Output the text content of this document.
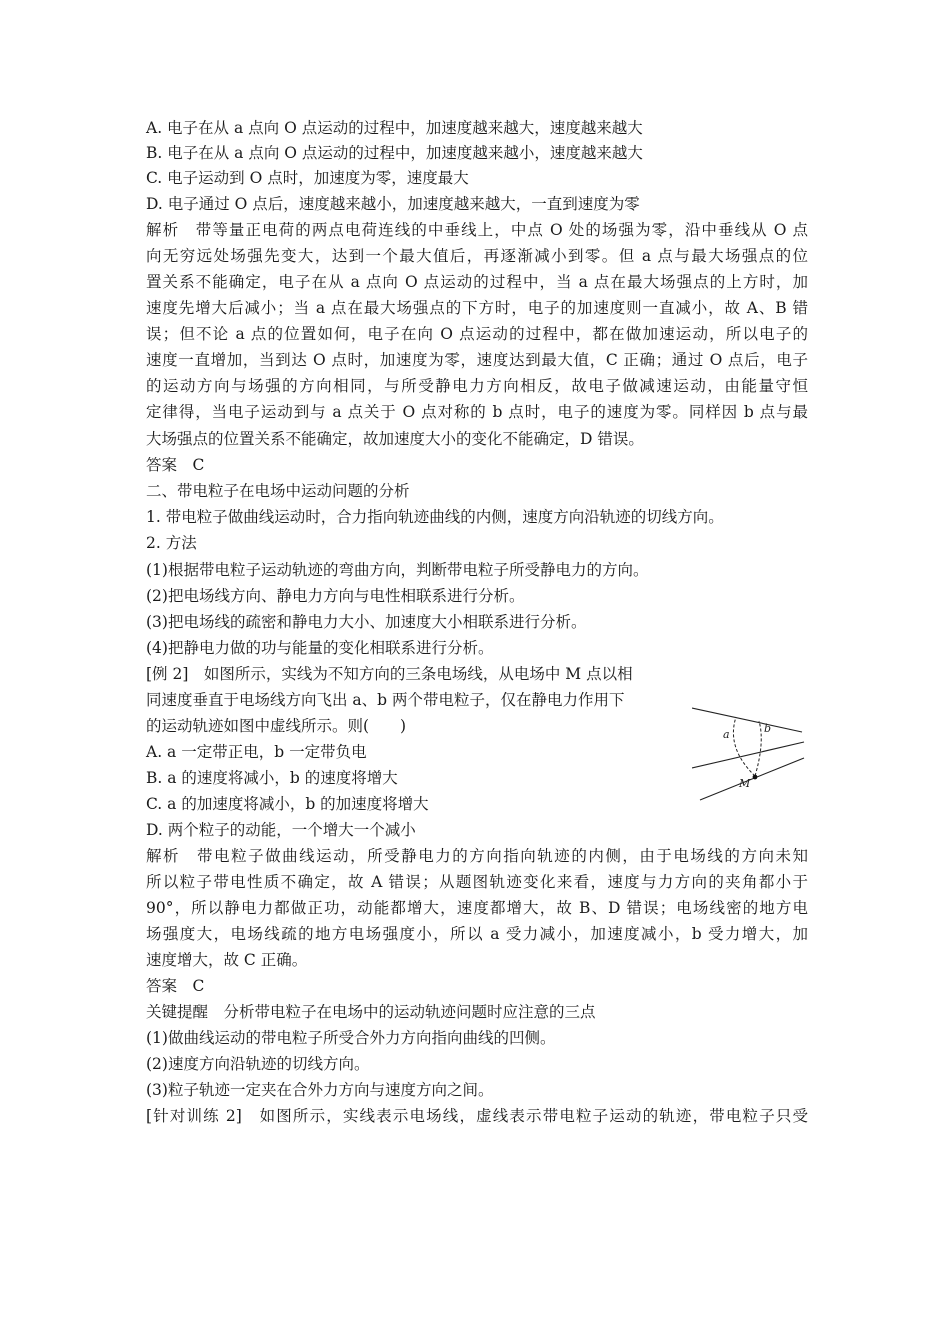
A. 电子在从 a 点向 O 点运动的过程中，加速度越来越大，速度越来越大
B. 电子在从 a 点向 O 点运动的过程中，加速度越来越小，速度越来越大
C. 电子运动到 O 点时，加速度为零，速度最大
D. 电子通过 O 点后，速度越来越小，加速度越来越大，一直到速度为零
解析　带等量正电荷的两点电荷连线的中垂线上，中点 O 处的场强为零，沿中垂线从 O 点
向无穷远处场强先变大，达到一个最大值后，再逐渐减小到零。但 a 点与最大场强点的位
置关系不能确定，电子在从 a 点向 O 点运动的过程中，当 a 点在最大场强点的上方时，加
速度先增大后减小；当 a 点在最大场强点的下方时，电子的加速度则一直减小，故 A、B 错
误；但不论 a 点的位置如何，电子在向 O 点运动的过程中，都在做加速运动，所以电子的
速度一直增加，当到达 O 点时，加速度为零，速度达到最大值，C 正确；通过 O 点后，电子
的运动方向与场强的方向相同，与所受静电力方向相反，故电子做减速运动，由能量守恒
定律得，当电子运动到与 a 点关于 O 点对称的 b 点时，电子的速度为零。同样因 b 点与最
大场强点的位置关系不能确定，故加速度大小的变化不能确定，D 错误。
答案　C
二、带电粒子在电场中运动问题的分析
1. 带电粒子做曲线运动时，合力指向轨迹曲线的内侧，速度方向沿轨迹的切线方向。
2. 方法
(1)根据带电粒子运动轨迹的弯曲方向，判断带电粒子所受静电力的方向。
(2)把电场线方向、静电力方向与电性相联系进行分析。
(3)把电场线的疏密和静电力大小、加速度大小相联系进行分析。
(4)把静电力做的功与能量的变化相联系进行分析。
[例 2]　如图所示，实线为不知方向的三条电场线，从电场中 M 点以相
同速度垂直于电场线方向飞出 a、b 两个带电粒子，仅在静电力作用下
的运动轨迹如图中虚线所示。则(　　)
A. a 一定带正电，b 一定带负电
B. a 的速度将减小，b 的速度将增大
C. a 的加速度将减小，b 的加速度将增大
D. 两个粒子的动能，一个增大一个减小
解析　带电粒子做曲线运动，所受静电力的方向指向轨迹的内侧，由于电场线的方向未知
所以粒子带电性质不确定，故 A 错误；从题图轨迹变化来看，速度与力方向的夹角都小于
90°，所以静电力都做正功，动能都增大，速度都增大，故 B、D 错误；电场线密的地方电
场强度大，电场线疏的地方电场强度小，所以 a 受力减小，加速度减小，b 受力增大，加
速度增大，故 C 正确。
答案　C
关键提醒　分析带电粒子在电场中的运动轨迹问题时应注意的三点
(1)做曲线运动的带电粒子所受合外力方向指向曲线的凹侧。
(2)速度方向沿轨迹的切线方向。
(3)粒子轨迹一定夹在合外力方向与速度方向之间。
[针对训练 2]　如图所示，实线表示电场线，虚线表示带电粒子运动的轨迹，带电粒子只受
a	b
M
